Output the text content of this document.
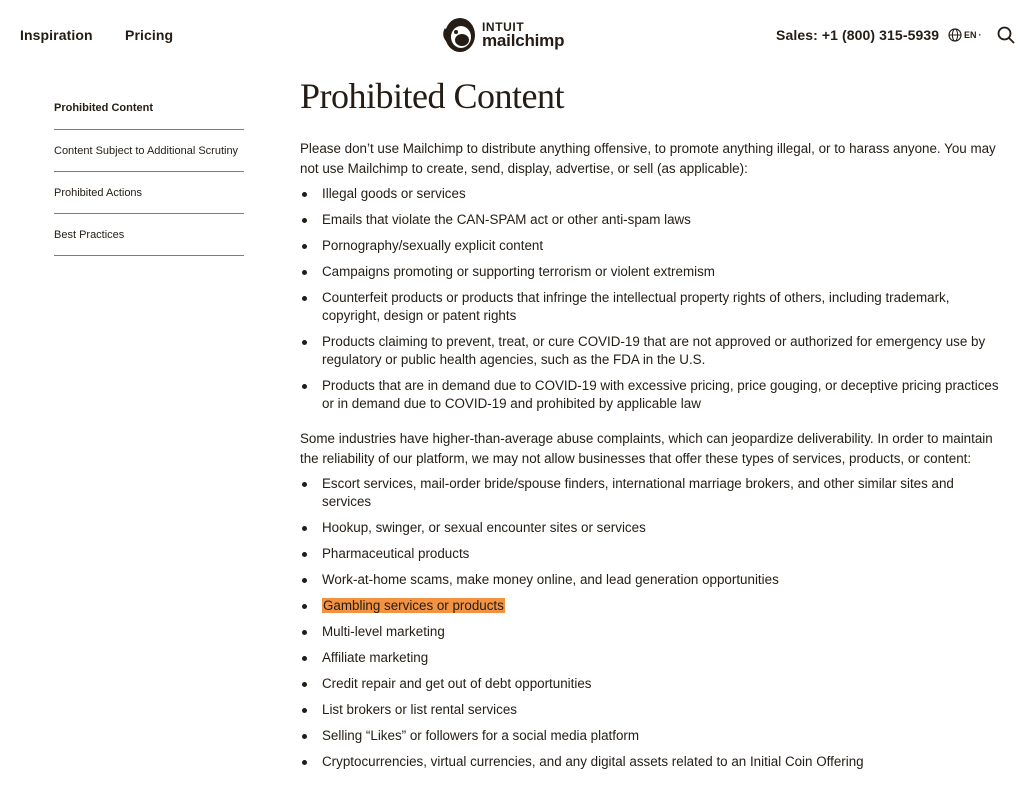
Inspiration Pricing	INTUIT
mailchimp	Sales: +1 (800) 315-5939	EN ·
Prohibited Content
Content Subject to Additional Scrutiny
Prohibited Actions
Best Practices
Prohibited Content

Please don’t use Mailchimp to distribute anything offensive, to promote anything illegal, or to harass anyone. You may not use Mailchimp to create, send, display, advertise, or sell (as applicable):

Illegal goods or services
Emails that violate the CAN-SPAM act or other anti-spam laws
Pornography/sexually explicit content
Campaigns promoting or supporting terrorism or violent extremism
Counterfeit products or products that infringe the intellectual property rights of others, including trademark, copyright, design or patent rights
Products claiming to prevent, treat, or cure COVID-19 that are not approved or authorized for emergency use by regulatory or public health agencies, such as the FDA in the U.S.
Products that are in demand due to COVID-19 with excessive pricing, price gouging, or deceptive pricing practices or in demand due to COVID-19 and prohibited by applicable law

Some industries have higher-than-average abuse complaints, which can jeopardize deliverability. In order to maintain the reliability of our platform, we may not allow businesses that offer these types of services, products, or content:

Escort services, mail-order bride/spouse finders, international marriage brokers, and other similar sites and services
Hookup, swinger, or sexual encounter sites or services
Pharmaceutical products
Work-at-home scams, make money online, and lead generation opportunities
Gambling services or products
Multi-level marketing
Affiliate marketing
Credit repair and get out of debt opportunities
List brokers or list rental services
Selling “Likes” or followers for a social media platform
Cryptocurrencies, virtual currencies, and any digital assets related to an Initial Coin Offering
